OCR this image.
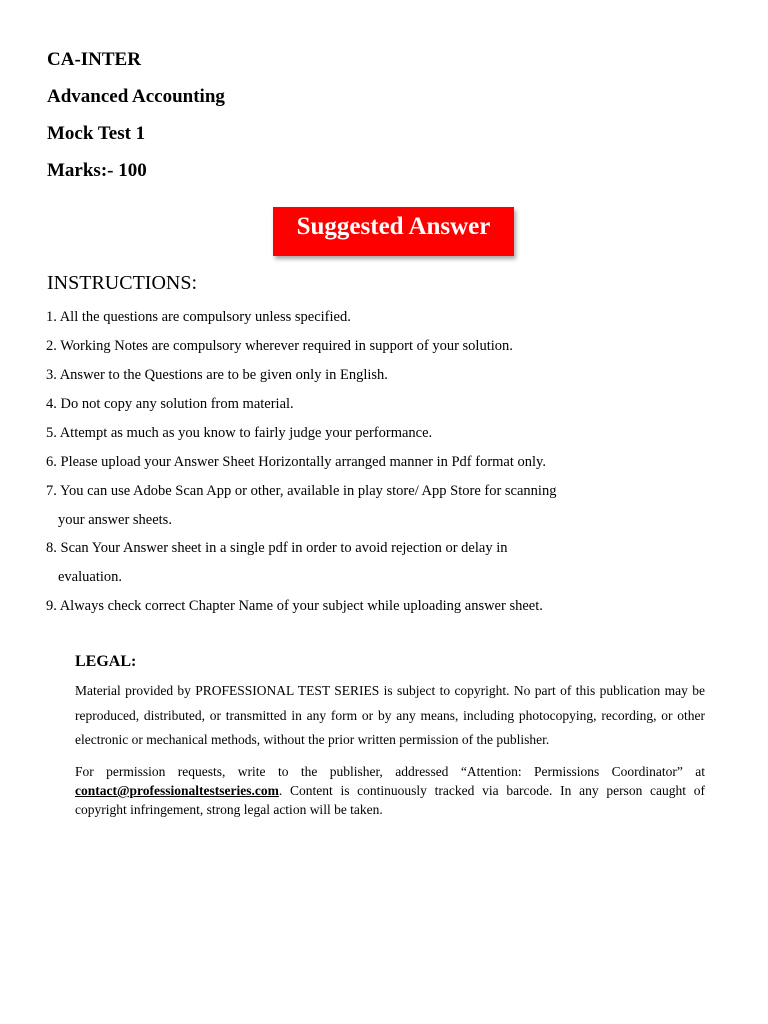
CA-INTER
Advanced Accounting
Mock Test 1
Marks:- 100
Suggested Answer
INSTRUCTIONS:
1. All the questions are compulsory unless specified.
2. Working Notes are compulsory wherever required in support of your solution.
3. Answer to the Questions are to be given only in English.
4. Do not copy any solution from material.
5. Attempt as much as you know to fairly judge your performance.
6. Please upload your Answer Sheet Horizontally arranged manner in Pdf format only.
7. You can use Adobe Scan App or other, available in play store/ App Store for scanning
your answer sheets.
8. Scan Your Answer sheet in a single pdf in order to avoid rejection or delay in
evaluation.
9. Always check correct Chapter Name of your subject while uploading answer sheet.
LEGAL:
Material provided by PROFESSIONAL TEST SERIES is subject to copyright. No part of this publication may be reproduced, distributed, or transmitted in any form or by any means, including photocopying, recording, or other electronic or mechanical methods, without the prior written permission of the publisher.
For permission requests, write to the publisher, addressed “Attention: Permissions Coordinator” at contact@professionaltestseries.com. Content is continuously tracked via barcode. In any person caught of copyright infringement, strong legal action will be taken.
